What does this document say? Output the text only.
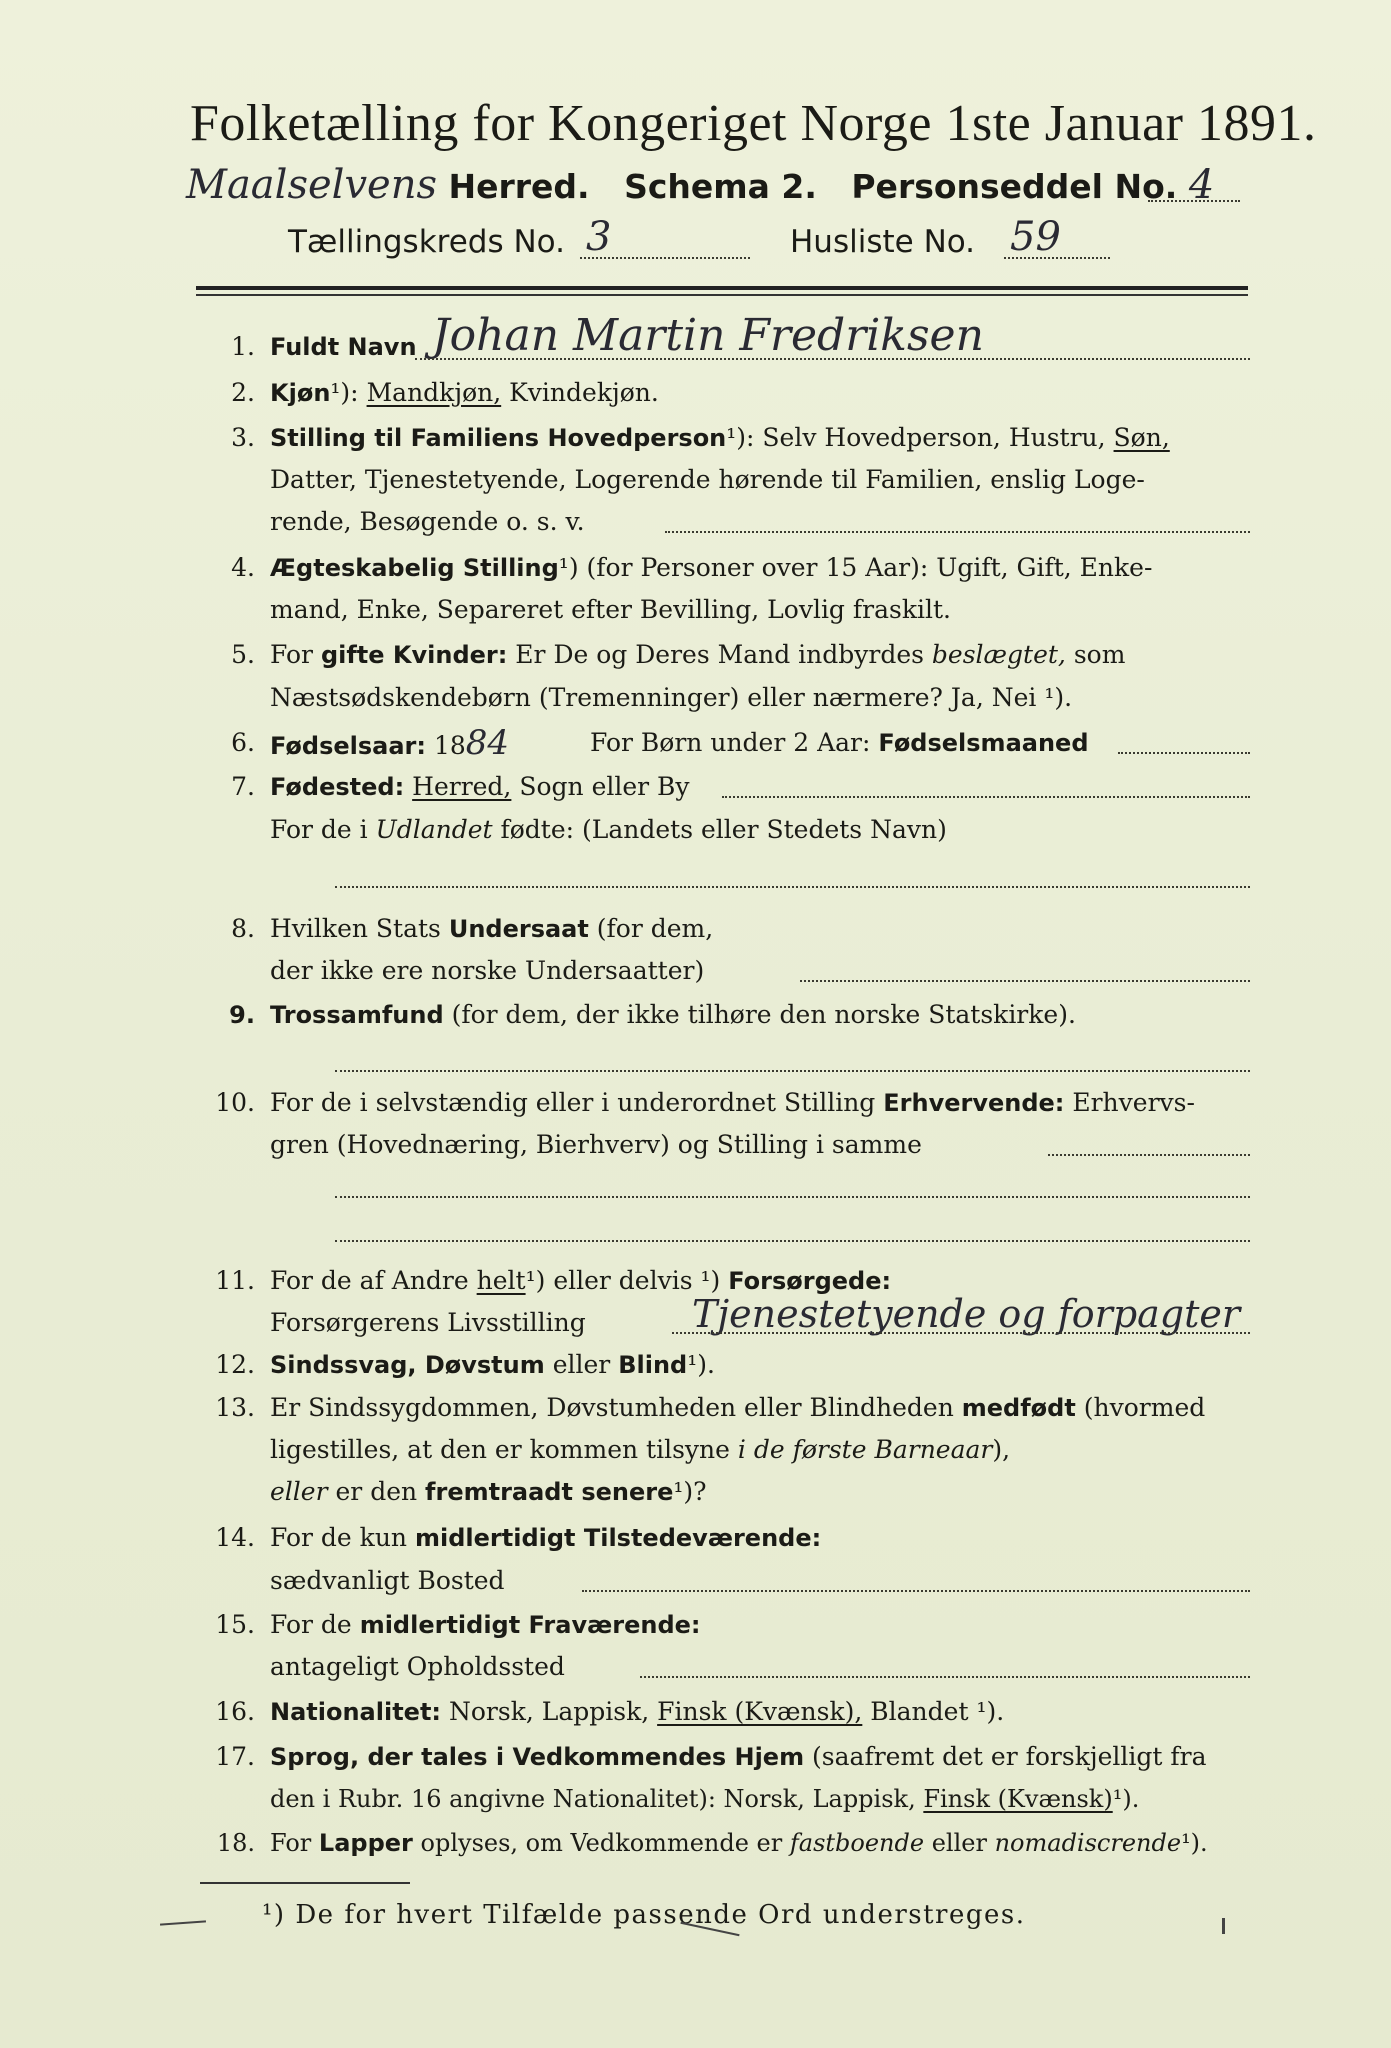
Folketælling for Kongeriget Norge 1ste Januar 1891.
Maalselvens Herred. Schema 2. Personseddel No. 4
Tællingskreds No. 3	Husliste No. 59
1. Fuldt Navn Johan Martin Fredriksen
2. Kjøn¹): Mandkjøn, Kvindekjøn.
3. Stilling til Familiens Hovedperson¹): Selv Hovedperson, Hustru, Søn,
Datter, Tjenestetyende, Logerende hørende til Familien, enslig Loge-
rende, Besøgende o. s. v.
4. Ægteskabelig Stilling¹) (for Personer over 15 Aar): Ugift, Gift, Enke-
mand, Enke, Separeret efter Bevilling, Lovlig fraskilt.
5. For gifte Kvinder: Er De og Deres Mand indbyrdes beslægtet, som
Næstsødskendebørn (Tremenninger) eller nærmere? Ja, Nei ¹).
6. Fødselsaar: 1884	For Børn under 2 Aar: Fødselsmaaned
7. Fødested: Herred, Sogn eller By
For de i Udlandet fødte: (Landets eller Stedets Navn)
8. Hvilken Stats Undersaat (for dem,
der ikke ere norske Undersaatter)
9. Trossamfund (for dem, der ikke tilhøre den norske Statskirke).
10. For de i selvstændig eller i underordnet Stilling Erhvervende: Erhvervs-
gren (Hovednæring, Bierhverv) og Stilling i samme
11. For de af Andre helt¹) eller delvis ¹) Forsørgede:
Forsørgerens Livsstilling	Tjenestetyende og forpagter
12. Sindssvag, Døvstum eller Blind¹).
13. Er Sindssygdommen, Døvstumheden eller Blindheden medfødt (hvormed
ligestilles, at den er kommen tilsyne i de første Barneaar),
eller er den fremtraadt senere¹)?
14. For de kun midlertidigt Tilstedeværende:
sædvanligt Bosted
15. For de midlertidigt Fraværende:
antageligt Opholdssted
16. Nationalitet: Norsk, Lappisk, Finsk (Kvænsk), Blandet ¹).
17. Sprog, der tales i Vedkommendes Hjem (saafremt det er forskjelligt fra
den i Rubr. 16 angivne Nationalitet): Norsk, Lappisk, Finsk (Kvænsk)¹).
18. For Lapper oplyses, om Vedkommende er fastboende eller nomadiscrende¹).
¹) De for hvert Tilfælde passende Ord understreges.
